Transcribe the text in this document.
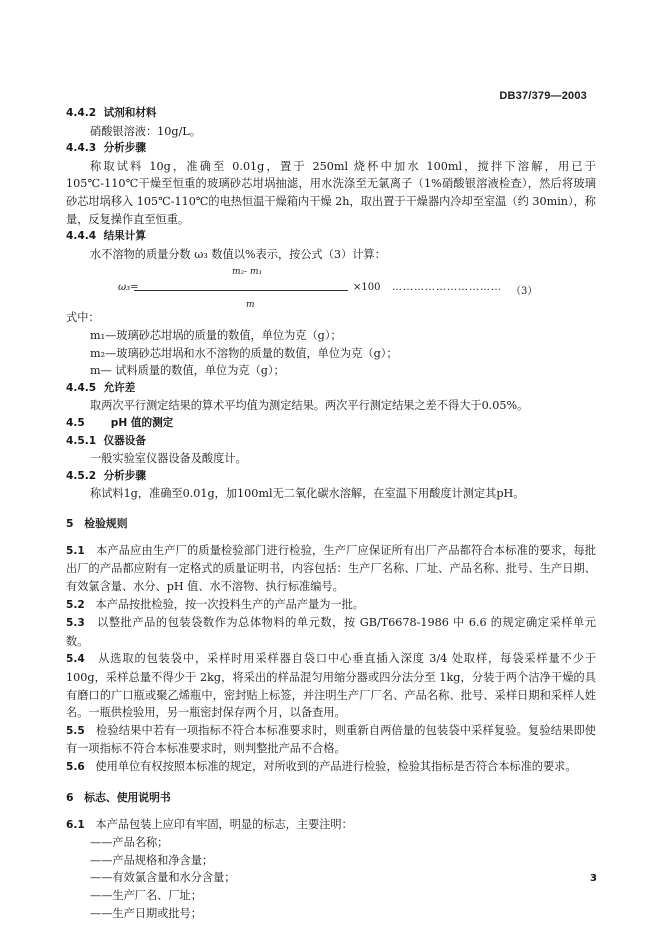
DB37/379—2003

4.4.2 试剂和材料

硝酸银溶液：10g/L。

4.4.3 分析步骤

称取试料 10g，准确至 0.01g，置于 250ml 烧杯中加水 100ml，搅拌下溶解，用已于 105℃-110℃干燥至恒重的玻璃砂芯坩埚抽滤，用水洗涤至无氯离子（1%硝酸银溶液检查），然后将玻璃砂芯坩埚移入 105℃-110℃的电热恒温干燥箱内干燥 2h，取出置于干燥器内冷却至室温（约 30min），称量，反复操作直至恒重。

4.4.4 结果计算

水不溶物的质量分数 ω₃ 数值以%表示，按公式（3）计算：

m₂- m₁
ω₃=	×100 ………………………… （3）
m

式中：

m₁—玻璃砂芯坩埚的质量的数值，单位为克（g）；

m₂—玻璃砂芯坩埚和水不溶物的质量的数值，单位为克（g）；

m— 试料质量的数值，单位为克（g）；

4.4.5 允许差

取两次平行测定结果的算术平均值为测定结果。两次平行测定结果之差不得大于0.05%。

4.5 pH 值的测定

4.5.1 仪器设备

一般实验室仪器设备及酸度计。

4.5.2 分析步骤

称试料1g，准确至0.01g，加100ml无二氧化碳水溶解，在室温下用酸度计测定其pH。

5　检验规则

5.1 本产品应由生产厂的质量检验部门进行检验，生产厂应保证所有出厂产品都符合本标准的要求，每批出厂的产品都应附有一定格式的质量证明书，内容包括：生产厂名称、厂址、产品名称、批号、生产日期、有效氯含量、水分、pH 值、水不溶物、执行标准编号。

5.2 本产品按批检验，按一次投料生产的产品产量为一批。

5.3 以整批产品的包装袋数作为总体物料的单元数，按 GB/T6678-1986 中 6.6 的规定确定采样单元数。

5.4 从选取的包装袋中，采样时用采样器自袋口中心垂直插入深度 3/4 处取样，每袋采样量不少于 100g，采样总量不得少于 2kg，将采出的样品混匀用缩分器或四分法分至 1kg，分装于两个洁净干燥的具有磨口的广口瓶或聚乙烯瓶中，密封贴上标签，并注明生产厂厂名、产品名称、批号、采样日期和采样人姓名。一瓶供检验用，另一瓶密封保存两个月，以备查用。

5.5 检验结果中若有一项指标不符合本标准要求时，则重新自两倍量的包装袋中采样复验。复验结果即使有一项指标不符合本标准要求时，则判整批产品不合格。

5.6 使用单位有权按照本标准的规定，对所收到的产品进行检验，检验其指标是否符合本标准的要求。

6　标志、使用说明书

6.1 本产品包装上应印有牢固，明显的标志，主要注明：

——产品名称；

——产品规格和净含量；

——有效氯含量和水分含量；

——生产厂名、厂址；

——生产日期或批号；

3
